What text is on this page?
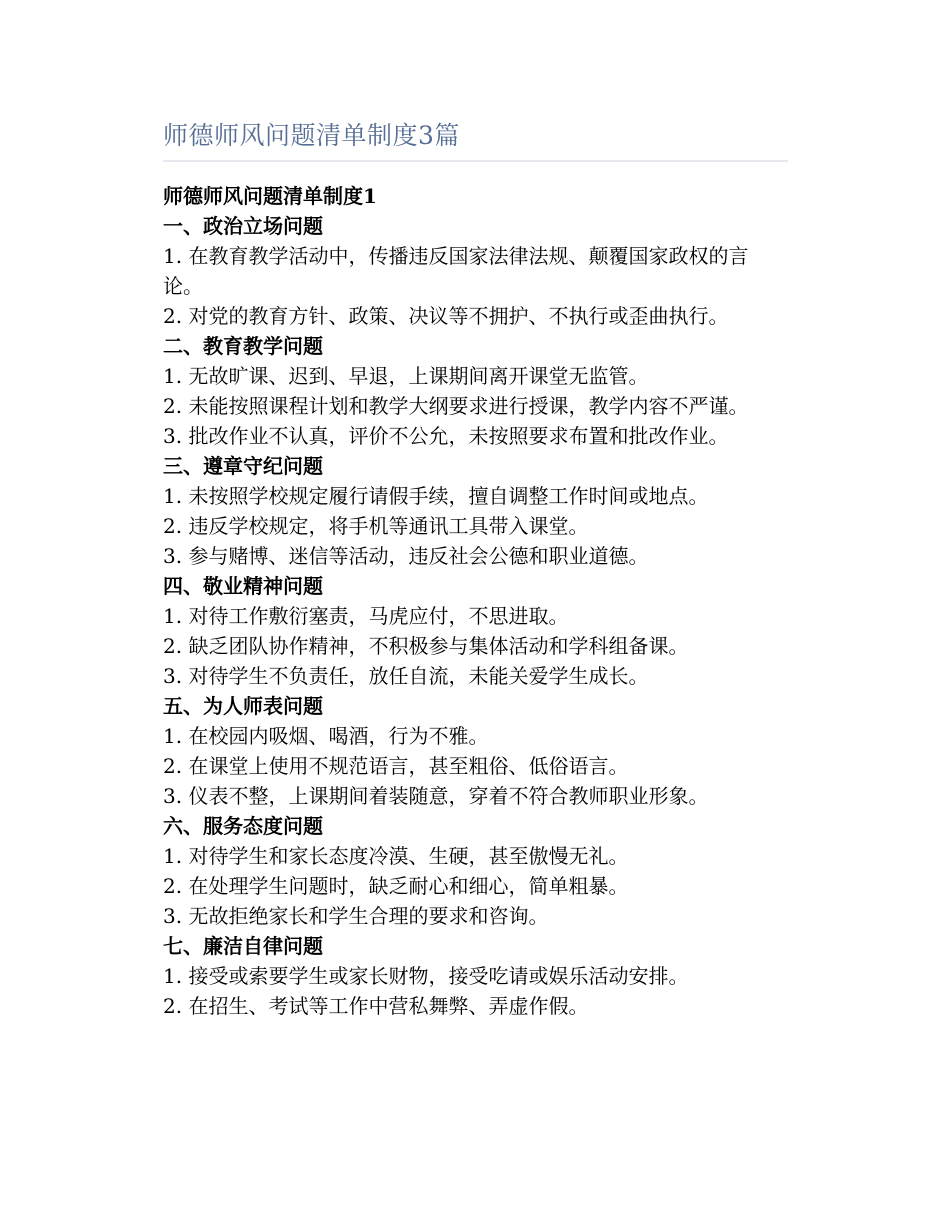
师德师风问题清单制度3篇

师德师风问题清单制度1

一、政治立场问题

1. 在教育教学活动中，传播违反国家法律法规、颠覆国家政权的言论。

2. 对党的教育方针、政策、决议等不拥护、不执行或歪曲执行。

二、教育教学问题

1. 无故旷课、迟到、早退，上课期间离开课堂无监管。

2. 未能按照课程计划和教学大纲要求进行授课，教学内容不严谨。

3. 批改作业不认真，评价不公允，未按照要求布置和批改作业。

三、遵章守纪问题

1. 未按照学校规定履行请假手续，擅自调整工作时间或地点。

2. 违反学校规定，将手机等通讯工具带入课堂。

3. 参与赌博、迷信等活动，违反社会公德和职业道德。

四、敬业精神问题

1. 对待工作敷衍塞责，马虎应付，不思进取。

2. 缺乏团队协作精神，不积极参与集体活动和学科组备课。

3. 对待学生不负责任，放任自流，未能关爱学生成长。

五、为人师表问题

1. 在校园内吸烟、喝酒，行为不雅。

2. 在课堂上使用不规范语言，甚至粗俗、低俗语言。

3. 仪表不整，上课期间着装随意，穿着不符合教师职业形象。

六、服务态度问题

1. 对待学生和家长态度冷漠、生硬，甚至傲慢无礼。

2. 在处理学生问题时，缺乏耐心和细心，简单粗暴。

3. 无故拒绝家长和学生合理的要求和咨询。

七、廉洁自律问题

1. 接受或索要学生或家长财物，接受吃请或娱乐活动安排。

2. 在招生、考试等工作中营私舞弊、弄虚作假。
